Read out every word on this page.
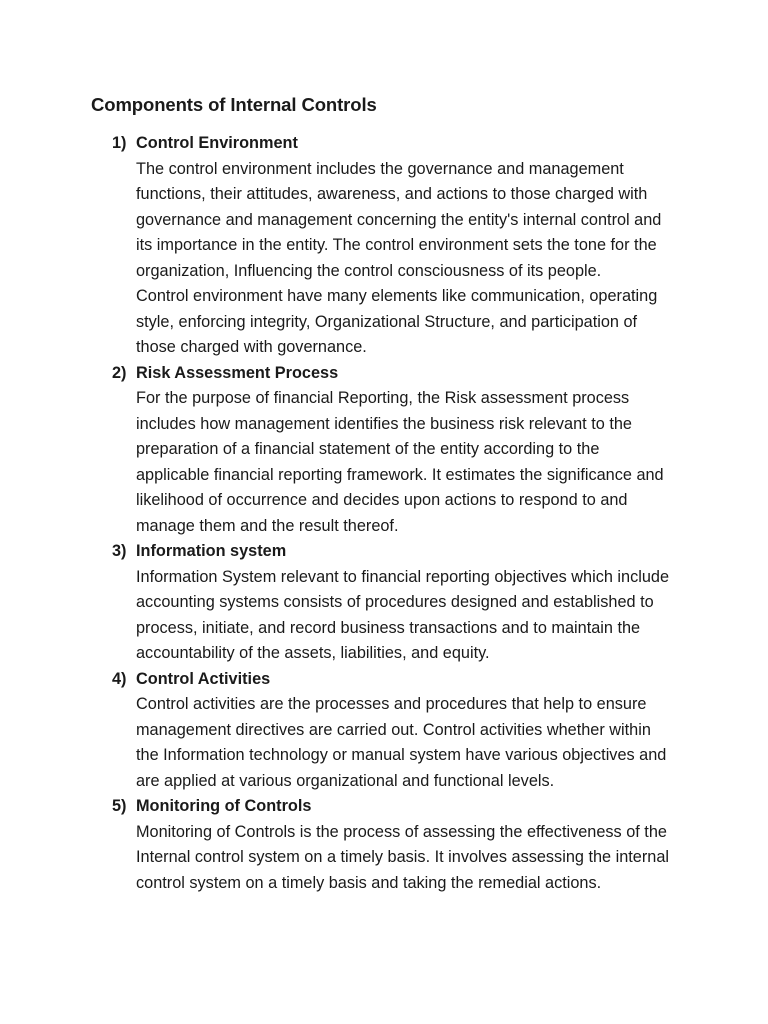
Components of Internal Controls
1) Control Environment
The control environment includes the governance and management
functions, their attitudes, awareness, and actions to those charged with
governance and management concerning the entity's internal control and
its importance in the entity. The control environment sets the tone for the
organization, Influencing the control consciousness of its people.
Control environment have many elements like communication, operating
style, enforcing integrity, Organizational Structure, and participation of
those charged with governance.
2) Risk Assessment Process
For the purpose of financial Reporting, the Risk assessment process
includes how management identifies the business risk relevant to the
preparation of a financial statement of the entity according to the
applicable financial reporting framework. It estimates the significance and
likelihood of occurrence and decides upon actions to respond to and
manage them and the result thereof.
3) Information system
Information System relevant to financial reporting objectives which include
accounting systems consists of procedures designed and established to
process, initiate, and record business transactions and to maintain the
accountability of the assets, liabilities, and equity.
4) Control Activities
Control activities are the processes and procedures that help to ensure
management directives are carried out. Control activities whether within
the Information technology or manual system have various objectives and
are applied at various organizational and functional levels.
5) Monitoring of Controls
Monitoring of Controls is the process of assessing the effectiveness of the
Internal control system on a timely basis. It involves assessing the internal
control system on a timely basis and taking the remedial actions.
